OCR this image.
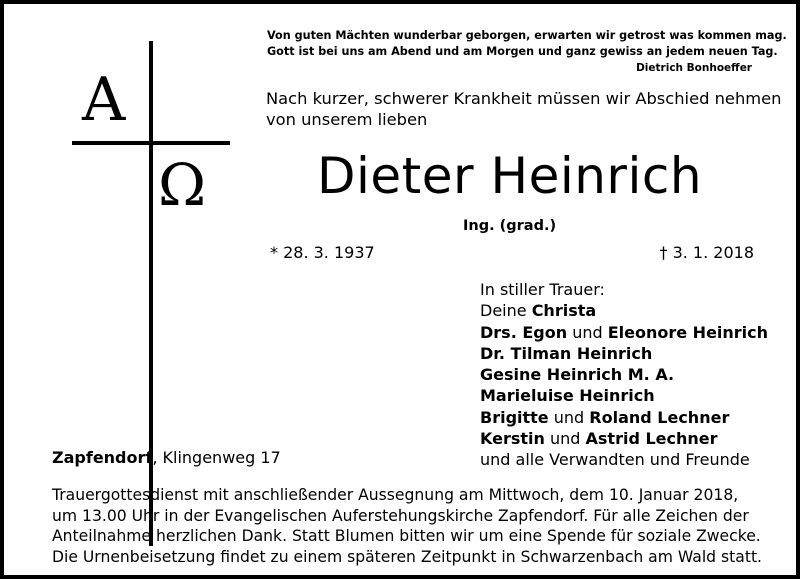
A
Ω
Von guten Mächten wunderbar geborgen, erwarten wir getrost was kommen mag.
Gott ist bei uns am Abend und am Morgen und ganz gewiss an jedem neuen Tag.
Dietrich Bonhoeffer
Nach kurzer, schwerer Krankheit müssen wir Abschied nehmen
von unserem lieben
Dieter Heinrich
Ing. (grad.)
* 28. 3. 1937	† 3. 1. 2018
In stiller Trauer:
Deine Christa
Drs. Egon und Eleonore Heinrich
Dr. Tilman Heinrich
Gesine Heinrich M. A.
Marieluise Heinrich
Brigitte und Roland Lechner
Kerstin und Astrid Lechner
und alle Verwandten und Freunde
Zapfendorf, Klingenweg 17
Trauergottesdienst mit anschließender Aussegnung am Mittwoch, dem 10. Januar 2018,
um 13.00 Uhr in der Evangelischen Auferstehungskirche Zapfendorf. Für alle Zeichen der
Anteilnahme herzlichen Dank. Statt Blumen bitten wir um eine Spende für soziale Zwecke.
Die Urnenbeisetzung findet zu einem späteren Zeitpunkt in Schwarzenbach am Wald statt.
